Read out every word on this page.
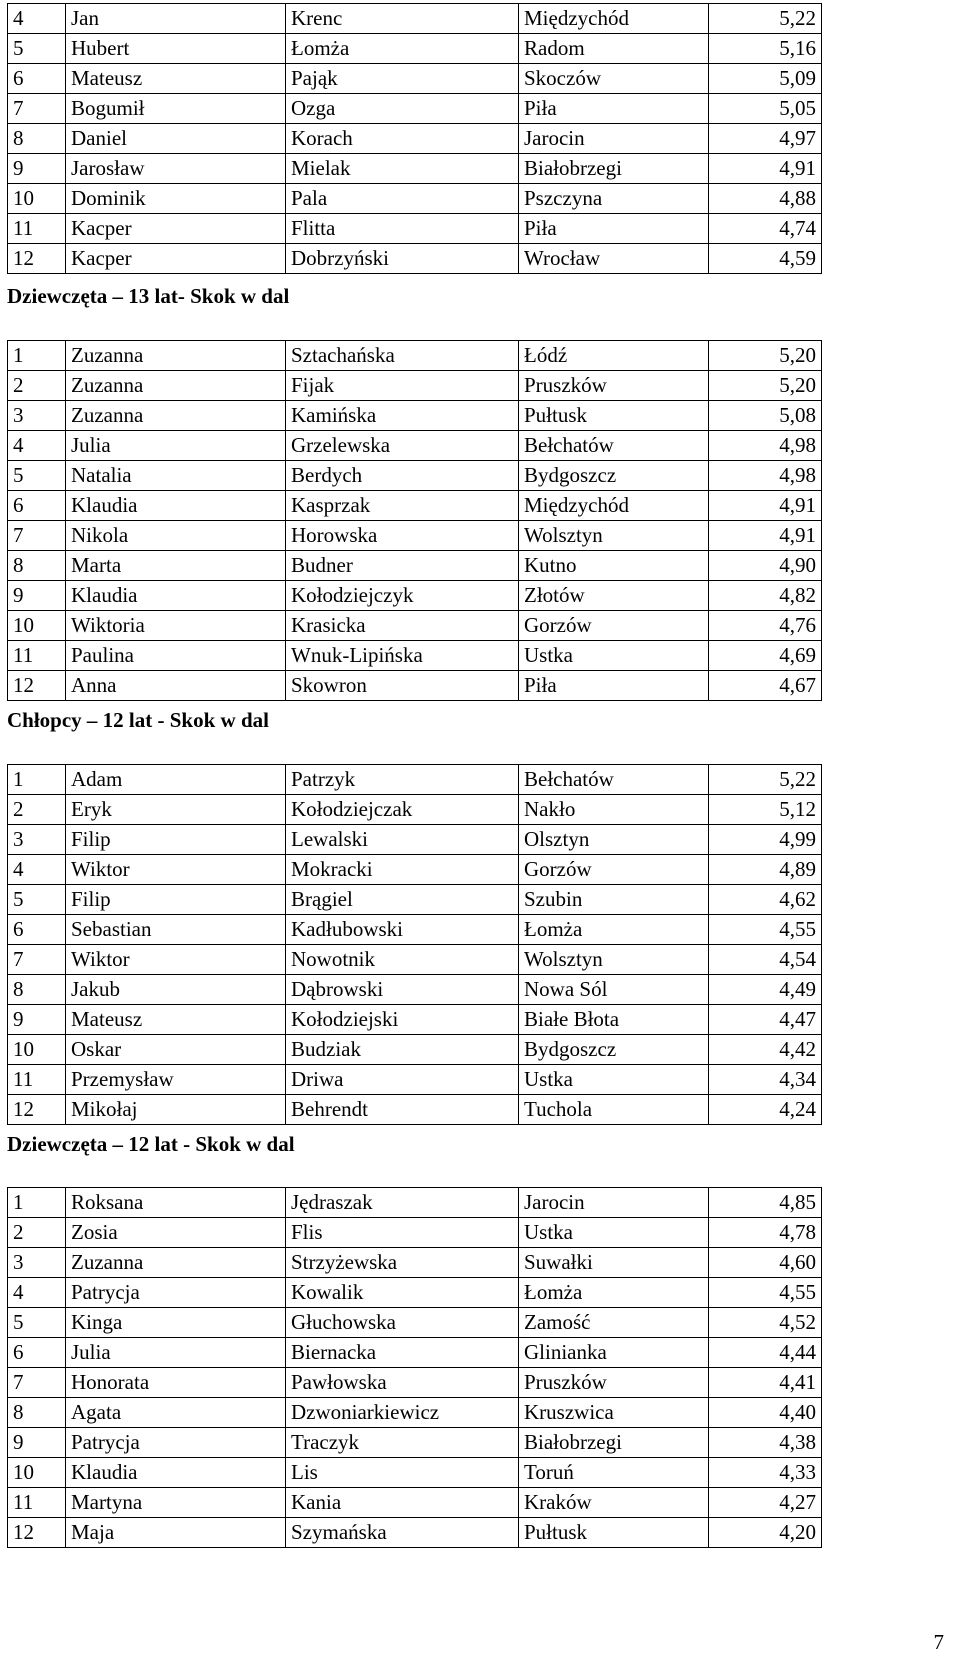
Dziewczęta – 13 lat- Skok w dal
Chłopcy – 12 lat - Skok w dal
Dziewczęta – 12 lat - Skok w dal
4	Jan	Krenc	Międzychód	5,22
5	Hubert	Łomża	Radom	5,16
6	Mateusz	Pająk	Skoczów	5,09
7	Bogumił	Ozga	Piła	5,05
8	Daniel	Korach	Jarocin	4,97
9	Jarosław	Mielak	Białobrzegi	4,91
10	Dominik	Pala	Pszczyna	4,88
11	Kacper	Flitta	Piła	4,74
12	Kacper	Dobrzyński	Wrocław	4,59
1	Zuzanna	Sztachańska	Łódź	5,20
2	Zuzanna	Fijak	Pruszków	5,20
3	Zuzanna	Kamińska	Pułtusk	5,08
4	Julia	Grzelewska	Bełchatów	4,98
5	Natalia	Berdych	Bydgoszcz	4,98
6	Klaudia	Kasprzak	Międzychód	4,91
7	Nikola	Horowska	Wolsztyn	4,91
8	Marta	Budner	Kutno	4,90
9	Klaudia	Kołodziejczyk	Złotów	4,82
10	Wiktoria	Krasicka	Gorzów	4,76
11	Paulina	Wnuk-Lipińska	Ustka	4,69
12	Anna	Skowron	Piła	4,67
1	Adam	Patrzyk	Bełchatów	5,22
2	Eryk	Kołodziejczak	Nakło	5,12
3	Filip	Lewalski	Olsztyn	4,99
4	Wiktor	Mokracki	Gorzów	4,89
5	Filip	Brągiel	Szubin	4,62
6	Sebastian	Kadłubowski	Łomża	4,55
7	Wiktor	Nowotnik	Wolsztyn	4,54
8	Jakub	Dąbrowski	Nowa Sól	4,49
9	Mateusz	Kołodziejski	Białe Błota	4,47
10	Oskar	Budziak	Bydgoszcz	4,42
11	Przemysław	Driwa	Ustka	4,34
12	Mikołaj	Behrendt	Tuchola	4,24
1	Roksana	Jędraszak	Jarocin	4,85
2	Zosia	Flis	Ustka	4,78
3	Zuzanna	Strzyżewska	Suwałki	4,60
4	Patrycja	Kowalik	Łomża	4,55
5	Kinga	Głuchowska	Zamość	4,52
6	Julia	Biernacka	Glinianka	4,44
7	Honorata	Pawłowska	Pruszków	4,41
8	Agata	Dzwoniarkiewicz	Kruszwica	4,40
9	Patrycja	Traczyk	Białobrzegi	4,38
10	Klaudia	Lis	Toruń	4,33
11	Martyna	Kania	Kraków	4,27
12	Maja	Szymańska	Pułtusk	4,20
7
